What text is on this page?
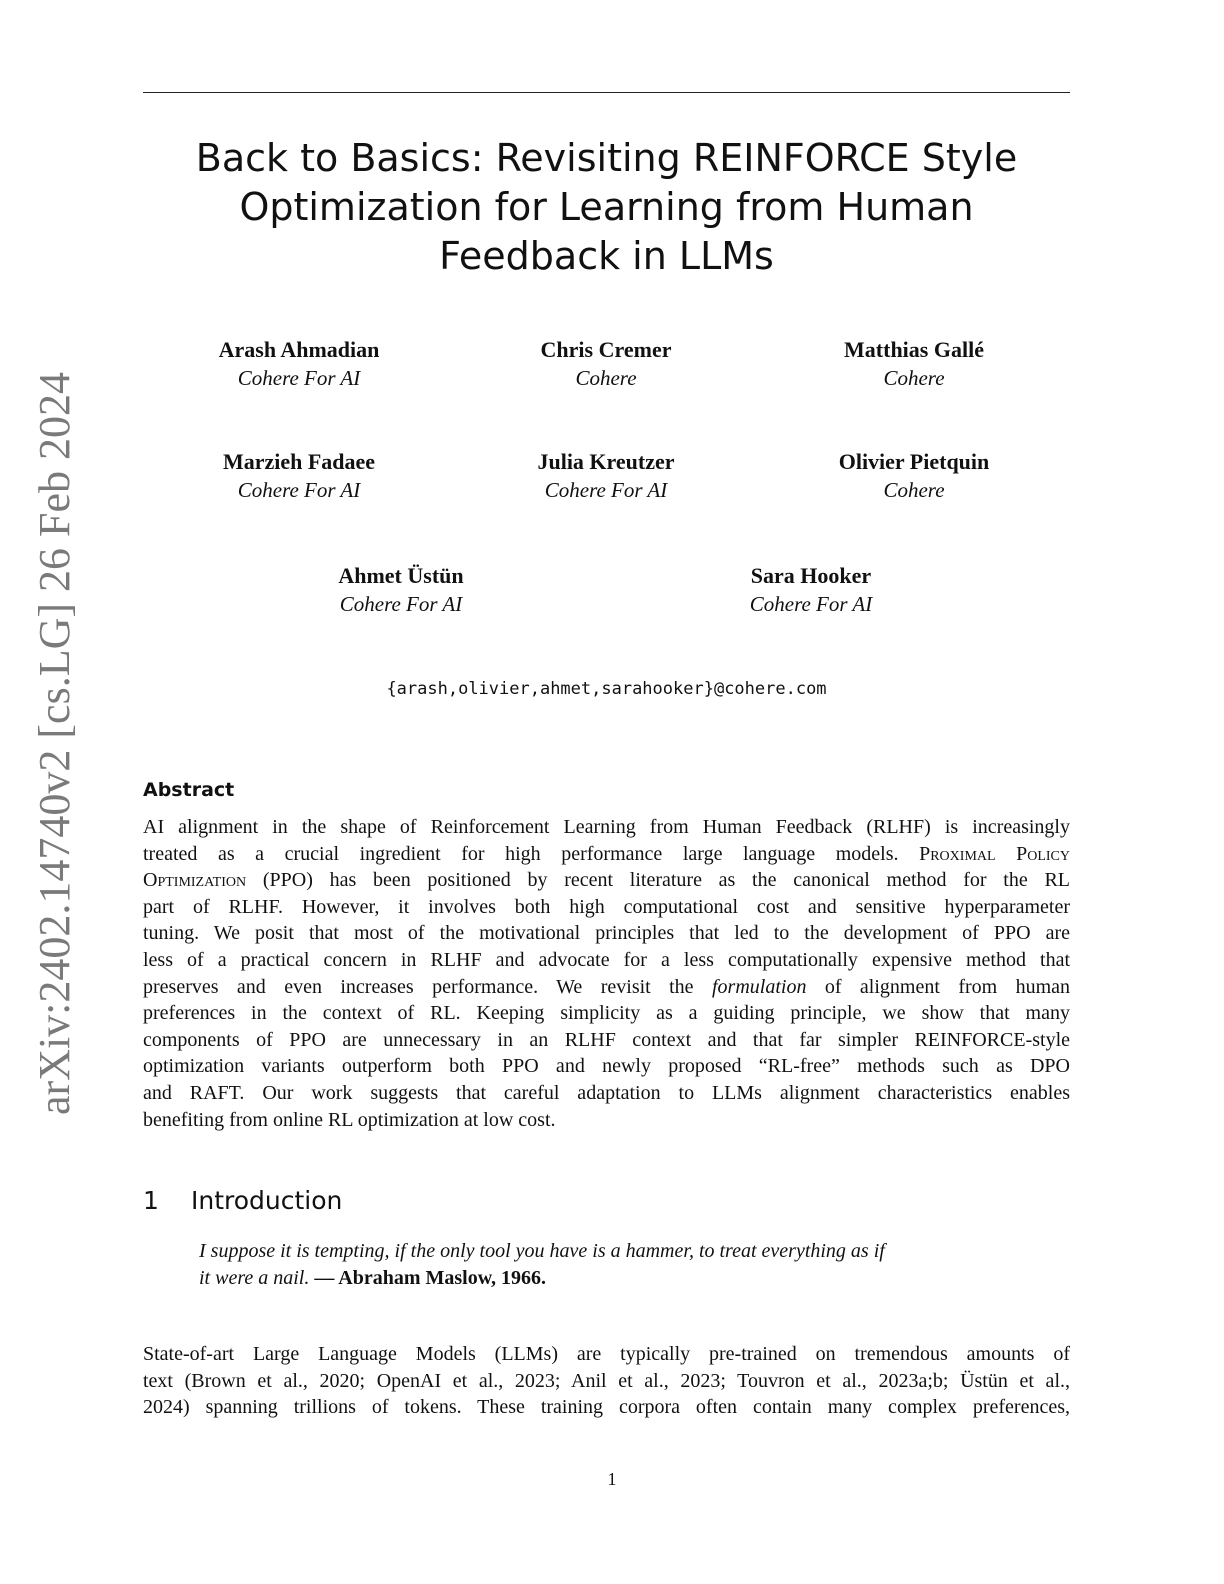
arXiv:2402.14740v2 [cs.LG] 26 Feb 2024
Back to Basics: Revisiting REINFORCE Style Optimization for Learning from Human Feedback in LLMs
Arash Ahmadian
Cohere For AI
Chris Cremer
Cohere
Matthias Gallé
Cohere
Marzieh Fadaee
Cohere For AI
Julia Kreutzer
Cohere For AI
Olivier Pietquin
Cohere
Ahmet Üstün
Cohere For AI
Sara Hooker
Cohere For AI
{arash,olivier,ahmet,sarahooker}@cohere.com
Abstract
AI alignment in the shape of Reinforcement Learning from Human Feedback (RLHF) is increasingly
treated as a crucial ingredient for high performance large language models. Proximal Policy
Optimization (PPO) has been positioned by recent literature as the canonical method for the RL
part of RLHF. However, it involves both high computational cost and sensitive hyperparameter
tuning. We posit that most of the motivational principles that led to the development of PPO are
less of a practical concern in RLHF and advocate for a less computationally expensive method that
preserves and even increases performance. We revisit the formulation of alignment from human
preferences in the context of RL. Keeping simplicity as a guiding principle, we show that many
components of PPO are unnecessary in an RLHF context and that far simpler REINFORCE-style
optimization variants outperform both PPO and newly proposed “RL-free” methods such as DPO
and RAFT. Our work suggests that careful adaptation to LLMs alignment characteristics enables
benefiting from online RL optimization at low cost.
1 Introduction
I suppose it is tempting, if the only tool you have is a hammer, to treat everything as if
it were a nail. — Abraham Maslow, 1966.
State-of-art Large Language Models (LLMs) are typically pre-trained on tremendous amounts of
text (Brown et al., 2020; OpenAI et al., 2023; Anil et al., 2023; Touvron et al., 2023a;b; Üstün et al.,
2024) spanning trillions of tokens. These training corpora often contain many complex preferences,
1
